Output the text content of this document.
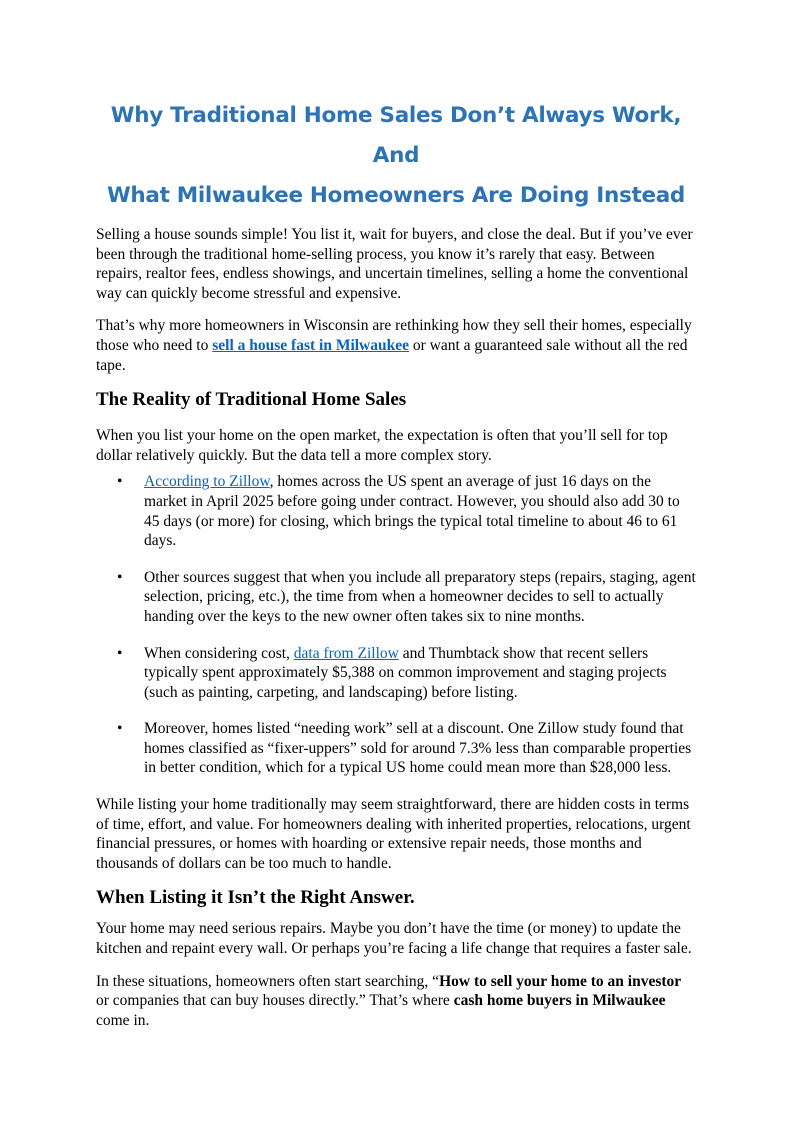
Why Traditional Home Sales Don’t Always Work, And
What Milwaukee Homeowners Are Doing Instead

Selling a house sounds simple! You list it, wait for buyers, and close the deal. But if you’ve ever been through the traditional home-selling process, you know it’s rarely that easy. Between repairs, realtor fees, endless showings, and uncertain timelines, selling a home the conventional way can quickly become stressful and expensive.

That’s why more homeowners in Wisconsin are rethinking how they sell their homes, especially those who need to sell a house fast in Milwaukee or want a guaranteed sale without all the red tape.

The Reality of Traditional Home Sales

When you list your home on the open market, the expectation is often that you’ll sell for top dollar relatively quickly. But the data tell a more complex story.

• According to Zillow, homes across the US spent an average of just 16 days on the market in April 2025 before going under contract. However, you should also add 30 to 45 days (or more) for closing, which brings the typical total timeline to about 46 to 61 days.
• Other sources suggest that when you include all preparatory steps (repairs, staging, agent selection, pricing, etc.), the time from when a homeowner decides to sell to actually handing over the keys to the new owner often takes six to nine months.
• When considering cost, data from Zillow and Thumbtack show that recent sellers typically spent approximately $5,388 on common improvement and staging projects (such as painting, carpeting, and landscaping) before listing.
• Moreover, homes listed “needing work” sell at a discount. One Zillow study found that homes classified as “fixer-uppers” sold for around 7.3% less than comparable properties in better condition, which for a typical US home could mean more than $28,000 less.

While listing your home traditionally may seem straightforward, there are hidden costs in terms of time, effort, and value. For homeowners dealing with inherited properties, relocations, urgent financial pressures, or homes with hoarding or extensive repair needs, those months and thousands of dollars can be too much to handle.

When Listing it Isn’t the Right Answer.

Your home may need serious repairs. Maybe you don’t have the time (or money) to update the kitchen and repaint every wall. Or perhaps you’re facing a life change that requires a faster sale.

In these situations, homeowners often start searching, “How to sell your home to an investor or companies that can buy houses directly.” That’s where cash home buyers in Milwaukee come in.
